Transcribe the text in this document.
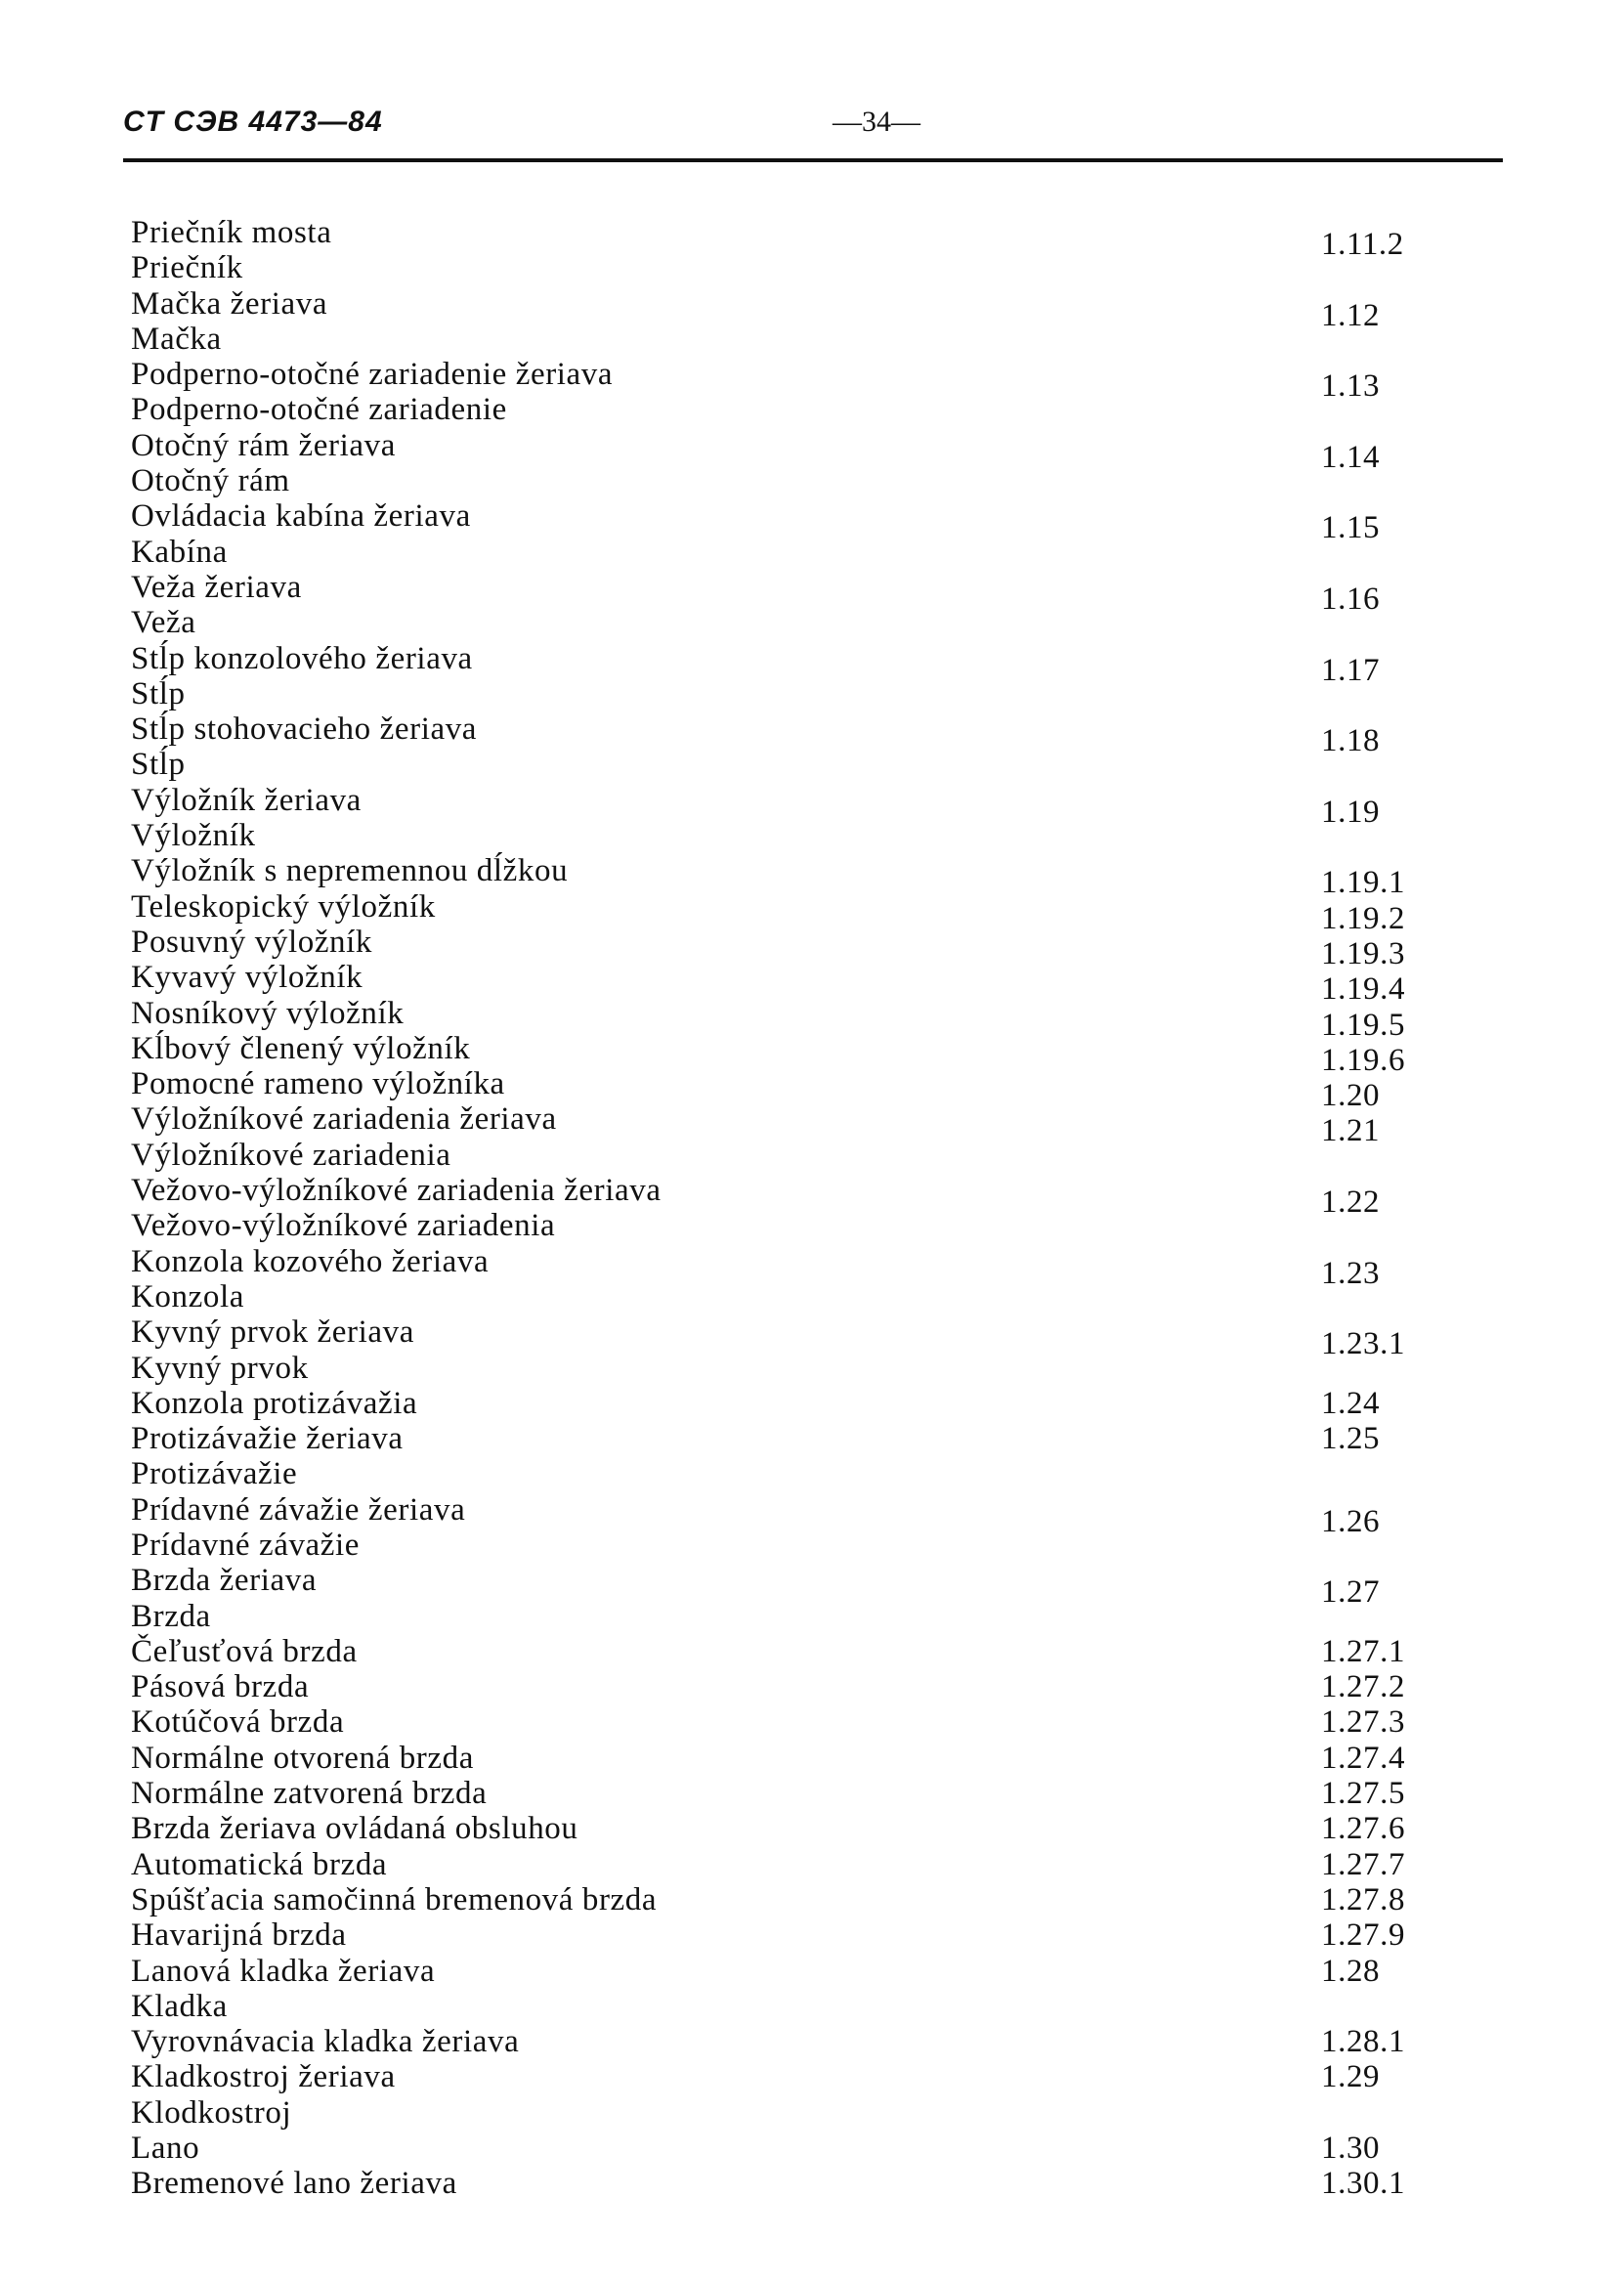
CT CЭB 4473—84	—34—
Priečník mosta	1.11.2
Priečník
Mačka žeriava	1.12
Mačka
Podperno-otočné zariadenie žeriava	1.13
Podperno-otočné zariadenie
Otočný rám žeriava	1.14
Otočný rám
Ovládacia kabína žeriava	1.15
Kabína
Veža žeriava	1.16
Veža
Stĺp konzolového žeriava	1.17
Stĺp
Stĺp stohovacieho žeriava	1.18
Stĺp
Výložník žeriava	1.19
Výložník
Výložník s nepremennou dĺžkou	1.19.1
Teleskopický výložník	1.19.2
Posuvný výložník	1.19.3
Kyvavý výložník	1.19.4
Nosníkový výložník	1.19.5
Kĺbový členený výložník	1.19.6
Pomocné rameno výložníka	1.20
Výložníkové zariadenia žeriava	1.21
Výložníkové zariadenia
Vežovo-výložníkové zariadenia žeriava	1.22
Vežovo-výložníkové zariadenia
Konzola kozového žeriava	1.23
Konzola
Kyvný prvok žeriava	1.23.1
Kyvný prvok
Konzola protizávažia	1.24
Protizávažie žeriava	1.25
Protizávažie
Prídavné závažie žeriava	1.26
Prídavné závažie
Brzda žeriava	1.27
Brzda
Čeľusťová brzda	1.27.1
Pásová brzda	1.27.2
Kotúčová brzda	1.27.3
Normálne otvorená brzda	1.27.4
Normálne zatvorená brzda	1.27.5
Brzda žeriava ovládaná obsluhou	1.27.6
Automatická brzda	1.27.7
Spúšťacia samočinná bremenová brzda	1.27.8
Havarijná brzda	1.27.9
Lanová kladka žeriava	1.28
Kladka
Vyrovnávacia kladka žeriava	1.28.1
Kladkostroj žeriava	1.29
Klodkostroj
Lano	1.30
Bremenové lano žeriava	1.30.1
